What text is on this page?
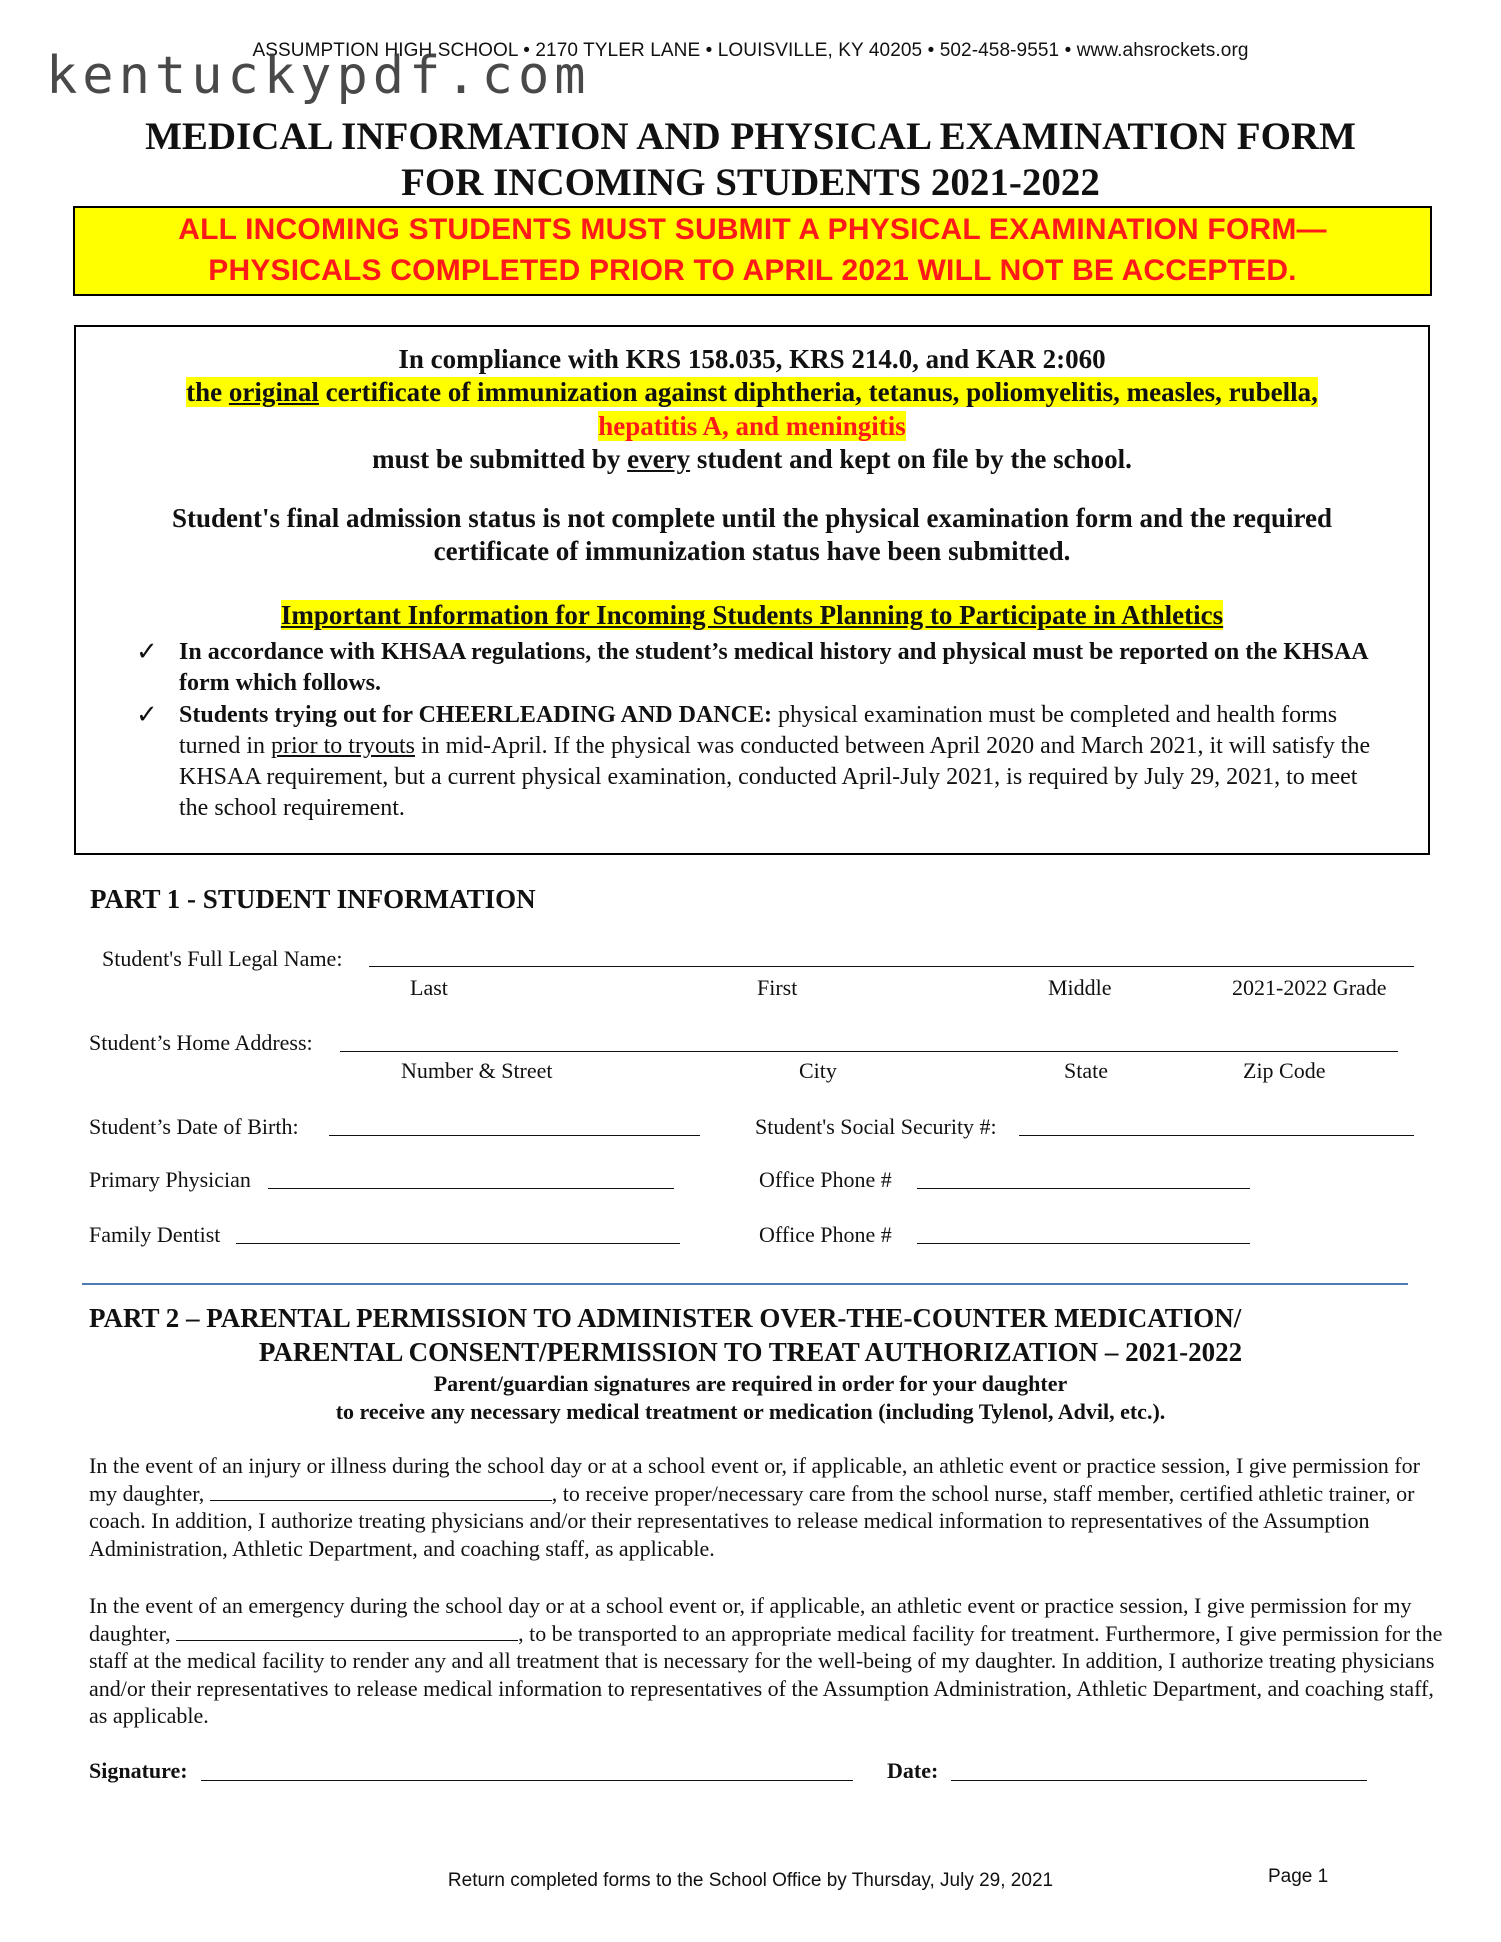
ASSUMPTION HIGH SCHOOL • 2170 TYLER LANE • LOUISVILLE, KY 40205 • 502-458-9551 • www.ahsrockets.org
kentuckypdf.com
MEDICAL INFORMATION AND PHYSICAL EXAMINATION FORM
FOR INCOMING STUDENTS 2021-2022
ALL INCOMING STUDENTS MUST SUBMIT A PHYSICAL EXAMINATION FORM—
PHYSICALS COMPLETED PRIOR TO APRIL 2021 WILL NOT BE ACCEPTED.
In compliance with KRS 158.035, KRS 214.0, and KAR 2:060
the original certificate of immunization against diphtheria, tetanus, poliomyelitis, measles, rubella,
hepatitis A, and meningitis
must be submitted by every student and kept on file by the school.
Student's final admission status is not complete until the physical examination form and the required
certificate of immunization status have been submitted.
Important Information for Incoming Students Planning to Participate in Athletics
✓ In accordance with KHSAA regulations, the student’s medical history and physical must be reported on the KHSAA form which follows.
✓ Students trying out for CHEERLEADING AND DANCE: physical examination must be completed and health forms turned in prior to tryouts in mid-April. If the physical was conducted between April 2020 and March 2021, it will satisfy the KHSAA requirement, but a current physical examination, conducted April-July 2021, is required by July 29, 2021, to meet the school requirement.
PART 1 - STUDENT INFORMATION
Student's Full Legal Name:
Last	First	Middle	2021-2022 Grade
Student’s Home Address:
Number & Street	City	State	Zip Code
Student’s Date of Birth:	Student's Social Security #:
Primary Physician	Office Phone #
Family Dentist	Office Phone #
PART 2 – PARENTAL PERMISSION TO ADMINISTER OVER-THE-COUNTER MEDICATION/
PARENTAL CONSENT/PERMISSION TO TREAT AUTHORIZATION – 2021-2022
Parent/guardian signatures are required in order for your daughter
to receive any necessary medical treatment or medication (including Tylenol, Advil, etc.).
In the event of an injury or illness during the school day or at a school event or, if applicable, an athletic event or practice session, I give permission for my daughter,	, to receive proper/necessary care from the school nurse, staff member, certified athletic trainer, or coach. In addition, I authorize treating physicians and/or their representatives to release medical information to representatives of the Assumption Administration, Athletic Department, and coaching staff, as applicable.
In the event of an emergency during the school day or at a school event or, if applicable, an athletic event or practice session, I give permission for my daughter,	, to be transported to an appropriate medical facility for treatment. Furthermore, I give permission for the staff at the medical facility to render any and all treatment that is necessary for the well-being of my daughter. In addition, I authorize treating physicians and/or their representatives to release medical information to representatives of the Assumption Administration, Athletic Department, and coaching staff, as applicable.
Signature:	Date:
Return completed forms to the School Office by Thursday, July 29, 2021	Page 1
